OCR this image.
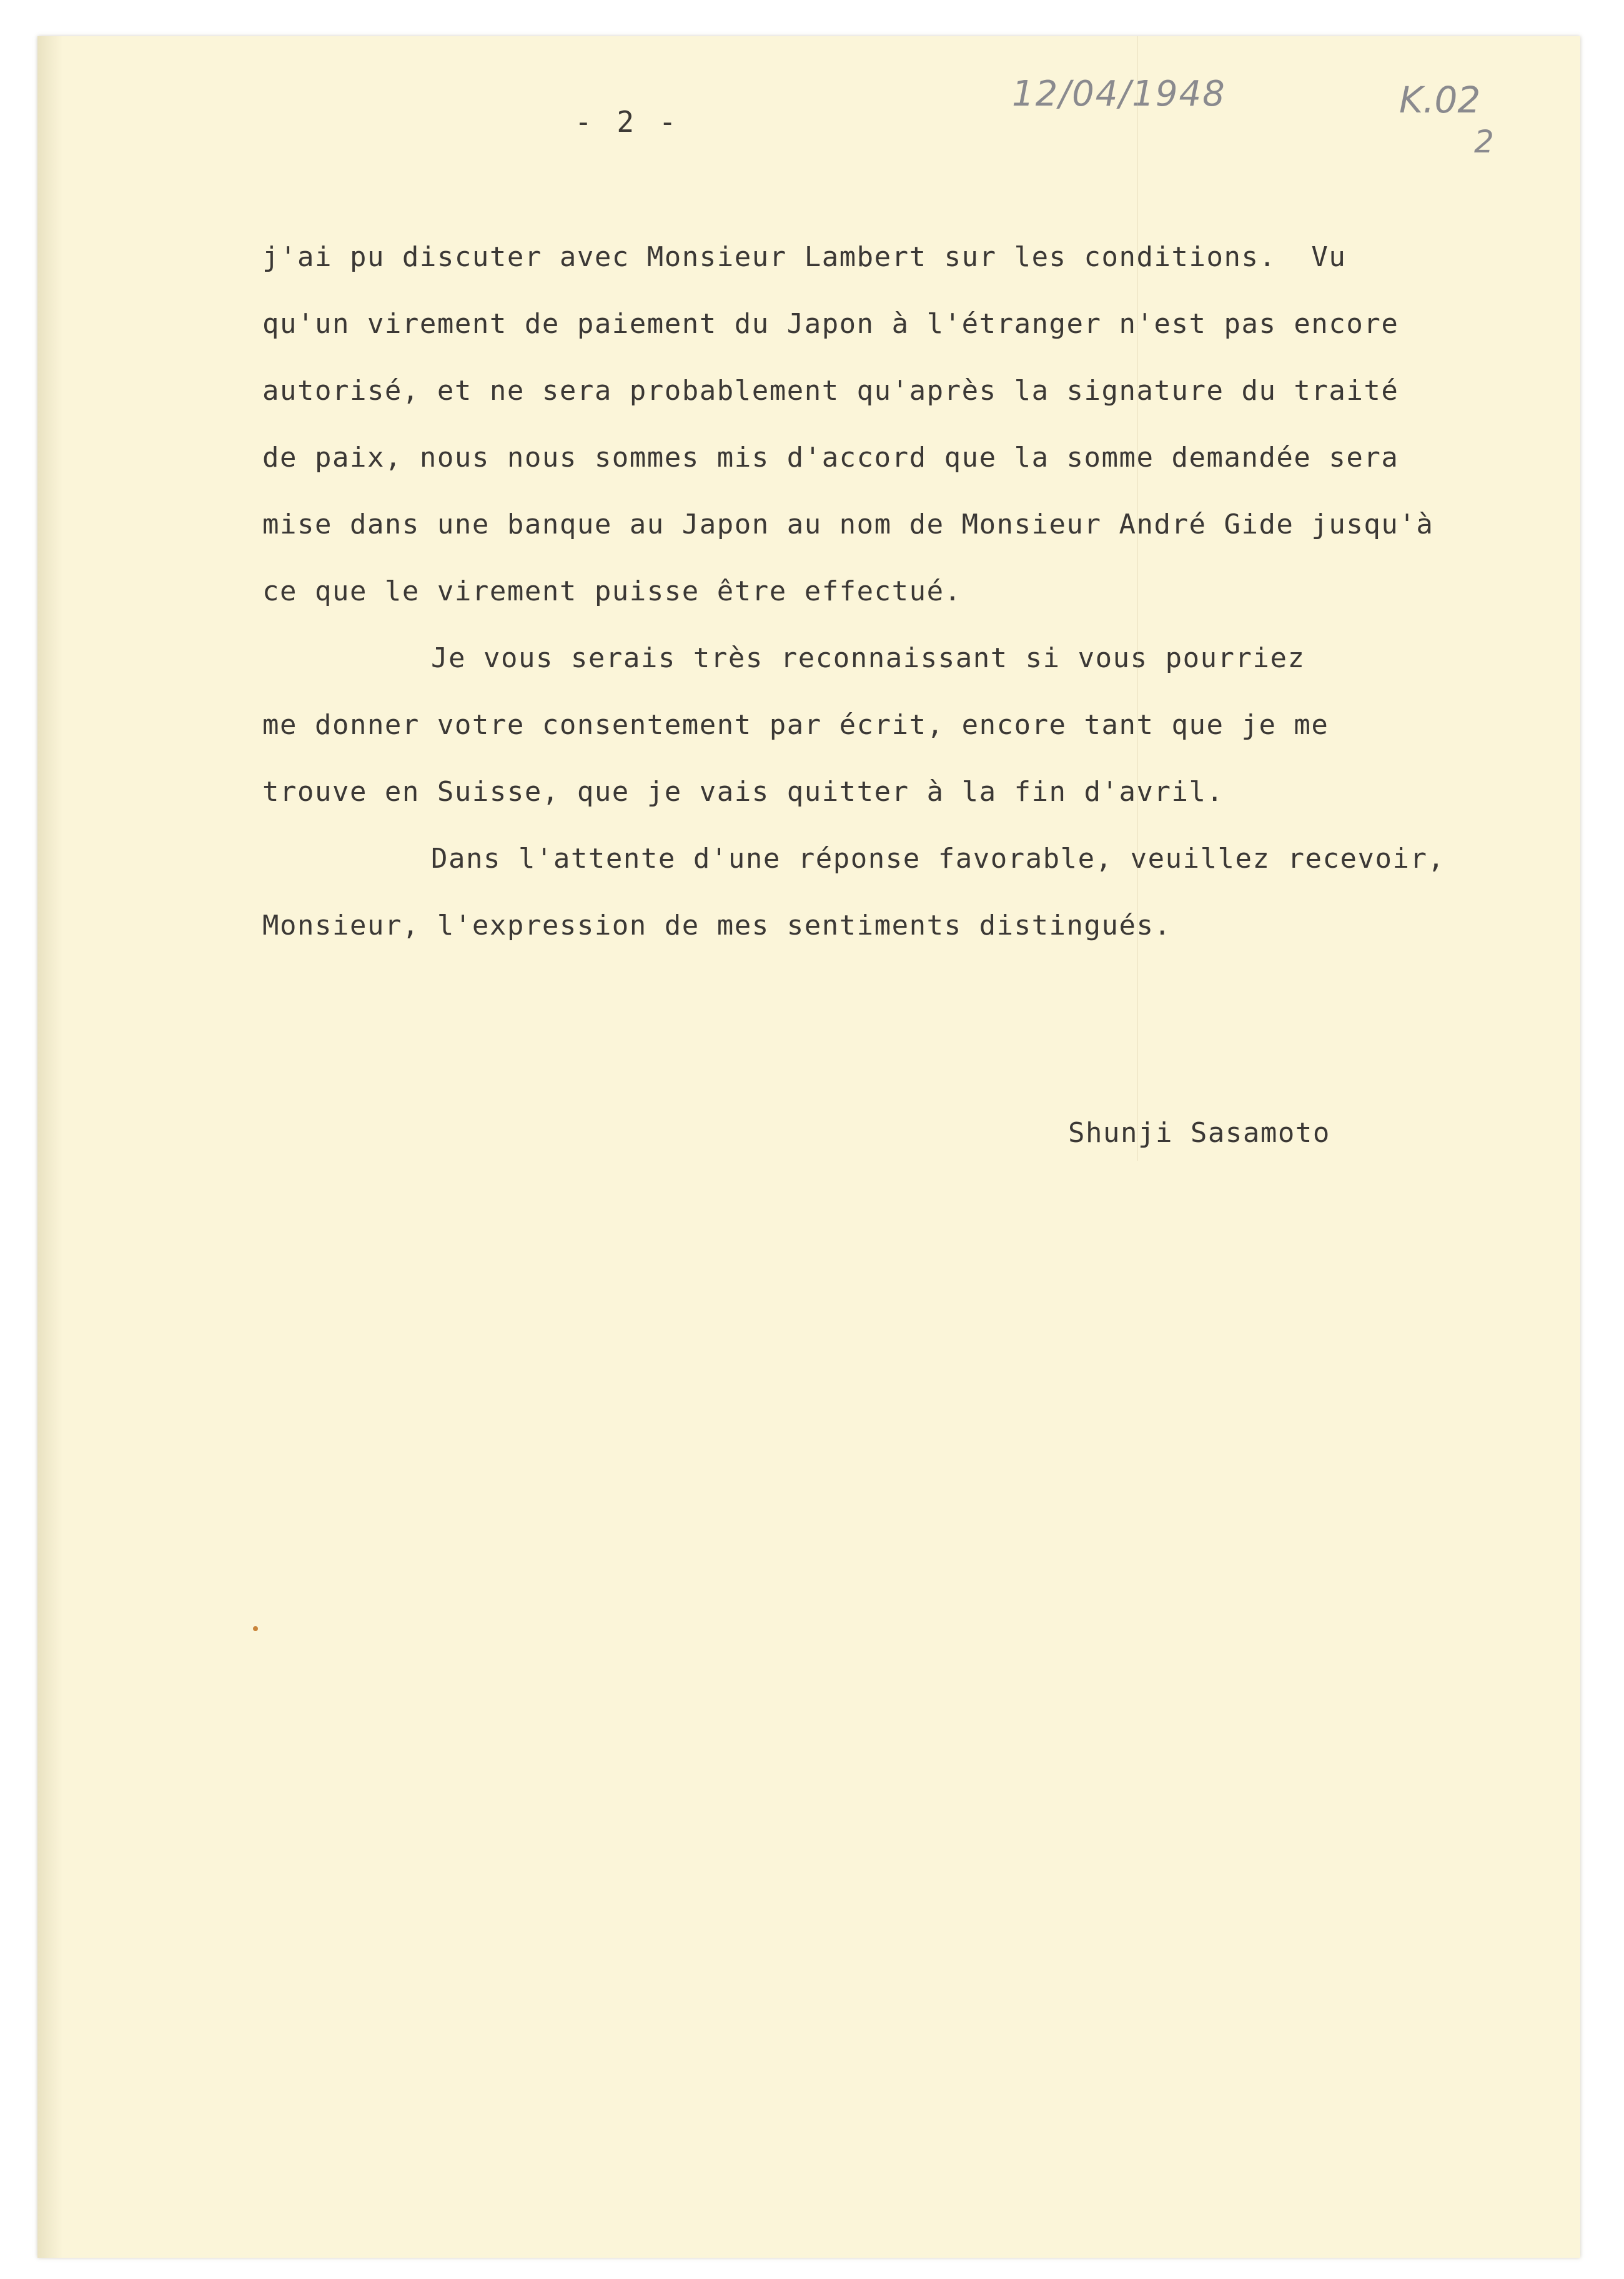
- 2 -
12/04/1948	K.02
2
j'ai pu discuter avec Monsieur Lambert sur les conditions.  Vu
qu'un virement de paiement du Japon à l'étranger n'est pas encore
autorisé, et ne sera probablement qu'après la signature du traité
de paix, nous nous sommes mis d'accord que la somme demandée sera
mise dans une banque au Japon au nom de Monsieur André Gide jusqu'à
ce que le virement puisse être effectué.
Je vous serais très reconnaissant si vous pourriez
me donner votre consentement par écrit, encore tant que je me
trouve en Suisse, que je vais quitter à la fin d'avril.
Dans l'attente d'une réponse favorable, veuillez recevoir,
Monsieur, l'expression de mes sentiments distingués.
Shunji Sasamoto
